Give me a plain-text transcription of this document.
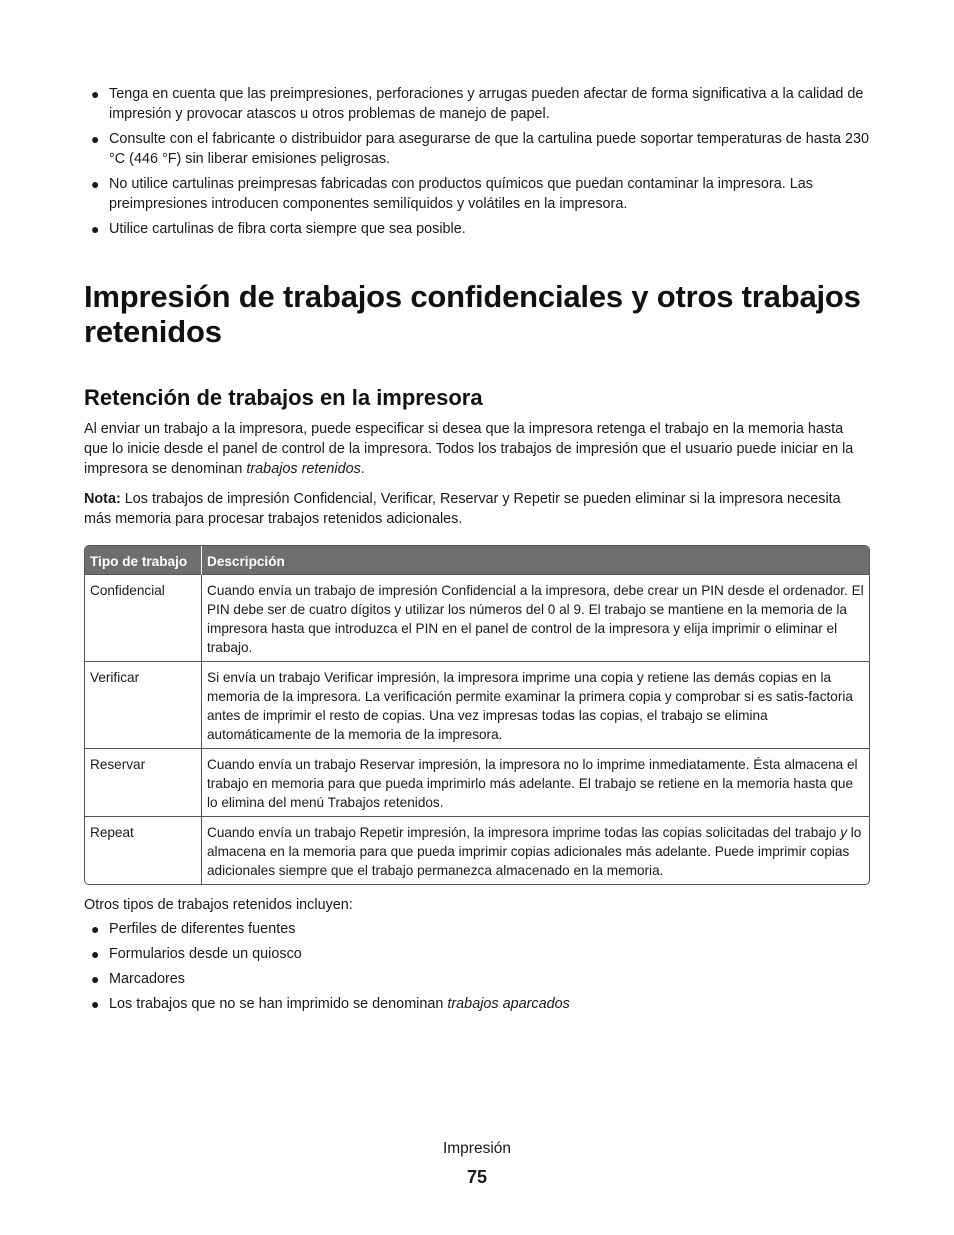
● Tenga en cuenta que las preimpresiones, perforaciones y arrugas pueden afectar de forma significativa a la calidad de impresión y provocar atascos u otros problemas de manejo de papel.
● Consulte con el fabricante o distribuidor para asegurarse de que la cartulina puede soportar temperaturas de hasta 230 °C (446 °F) sin liberar emisiones peligrosas.
● No utilice cartulinas preimpresas fabricadas con productos químicos que puedan contaminar la impresora. Las preimpresiones introducen componentes semilíquidos y volátiles en la impresora.
● Utilice cartulinas de fibra corta siempre que sea posible.
Impresión de trabajos confidenciales y otros trabajos retenidos
Retención de trabajos en la impresora

Al enviar un trabajo a la impresora, puede especificar si desea que la impresora retenga el trabajo en la memoria hasta que lo inicie desde el panel de control de la impresora. Todos los trabajos de impresión que el usuario puede iniciar en la impresora se denominan trabajos retenidos.

Nota: Los trabajos de impresión Confidencial, Verificar, Reservar y Repetir se pueden eliminar si la impresora necesita más memoria para procesar trabajos retenidos adicionales.

Tipo de trabajo	Descripción
Confidencial	Cuando envía un trabajo de impresión Confidencial a la impresora, debe crear un PIN desde el ordenador. El PIN debe ser de cuatro dígitos y utilizar los números del 0 al 9. El trabajo se mantiene en la memoria de la impresora hasta que introduzca el PIN en el panel de control de la impresora y elija imprimir o eliminar el trabajo.
Verificar	Si envía un trabajo Verificar impresión, la impresora imprime una copia y retiene las demás copias en la memoria de la impresora. La verificación permite examinar la primera copia y comprobar si es satis-factoria antes de imprimir el resto de copias. Una vez impresas todas las copias, el trabajo se elimina automáticamente de la memoria de la impresora.
Reservar	Cuando envía un trabajo Reservar impresión, la impresora no lo imprime inmediatamente. Ésta almacena el trabajo en memoria para que pueda imprimirlo más adelante. El trabajo se retiene en la memoria hasta que lo elimina del menú Trabajos retenidos.
Repeat	Cuando envía un trabajo Repetir impresión, la impresora imprime todas las copias solicitadas del trabajo y lo almacena en la memoria para que pueda imprimir copias adicionales más adelante. Puede imprimir copias adicionales siempre que el trabajo permanezca almacenado en la memoria.

Otros tipos de trabajos retenidos incluyen:

● Perfiles de diferentes fuentes
● Formularios desde un quiosco
● Marcadores
● Los trabajos que no se han imprimido se denominan trabajos aparcados
Impresión
75
